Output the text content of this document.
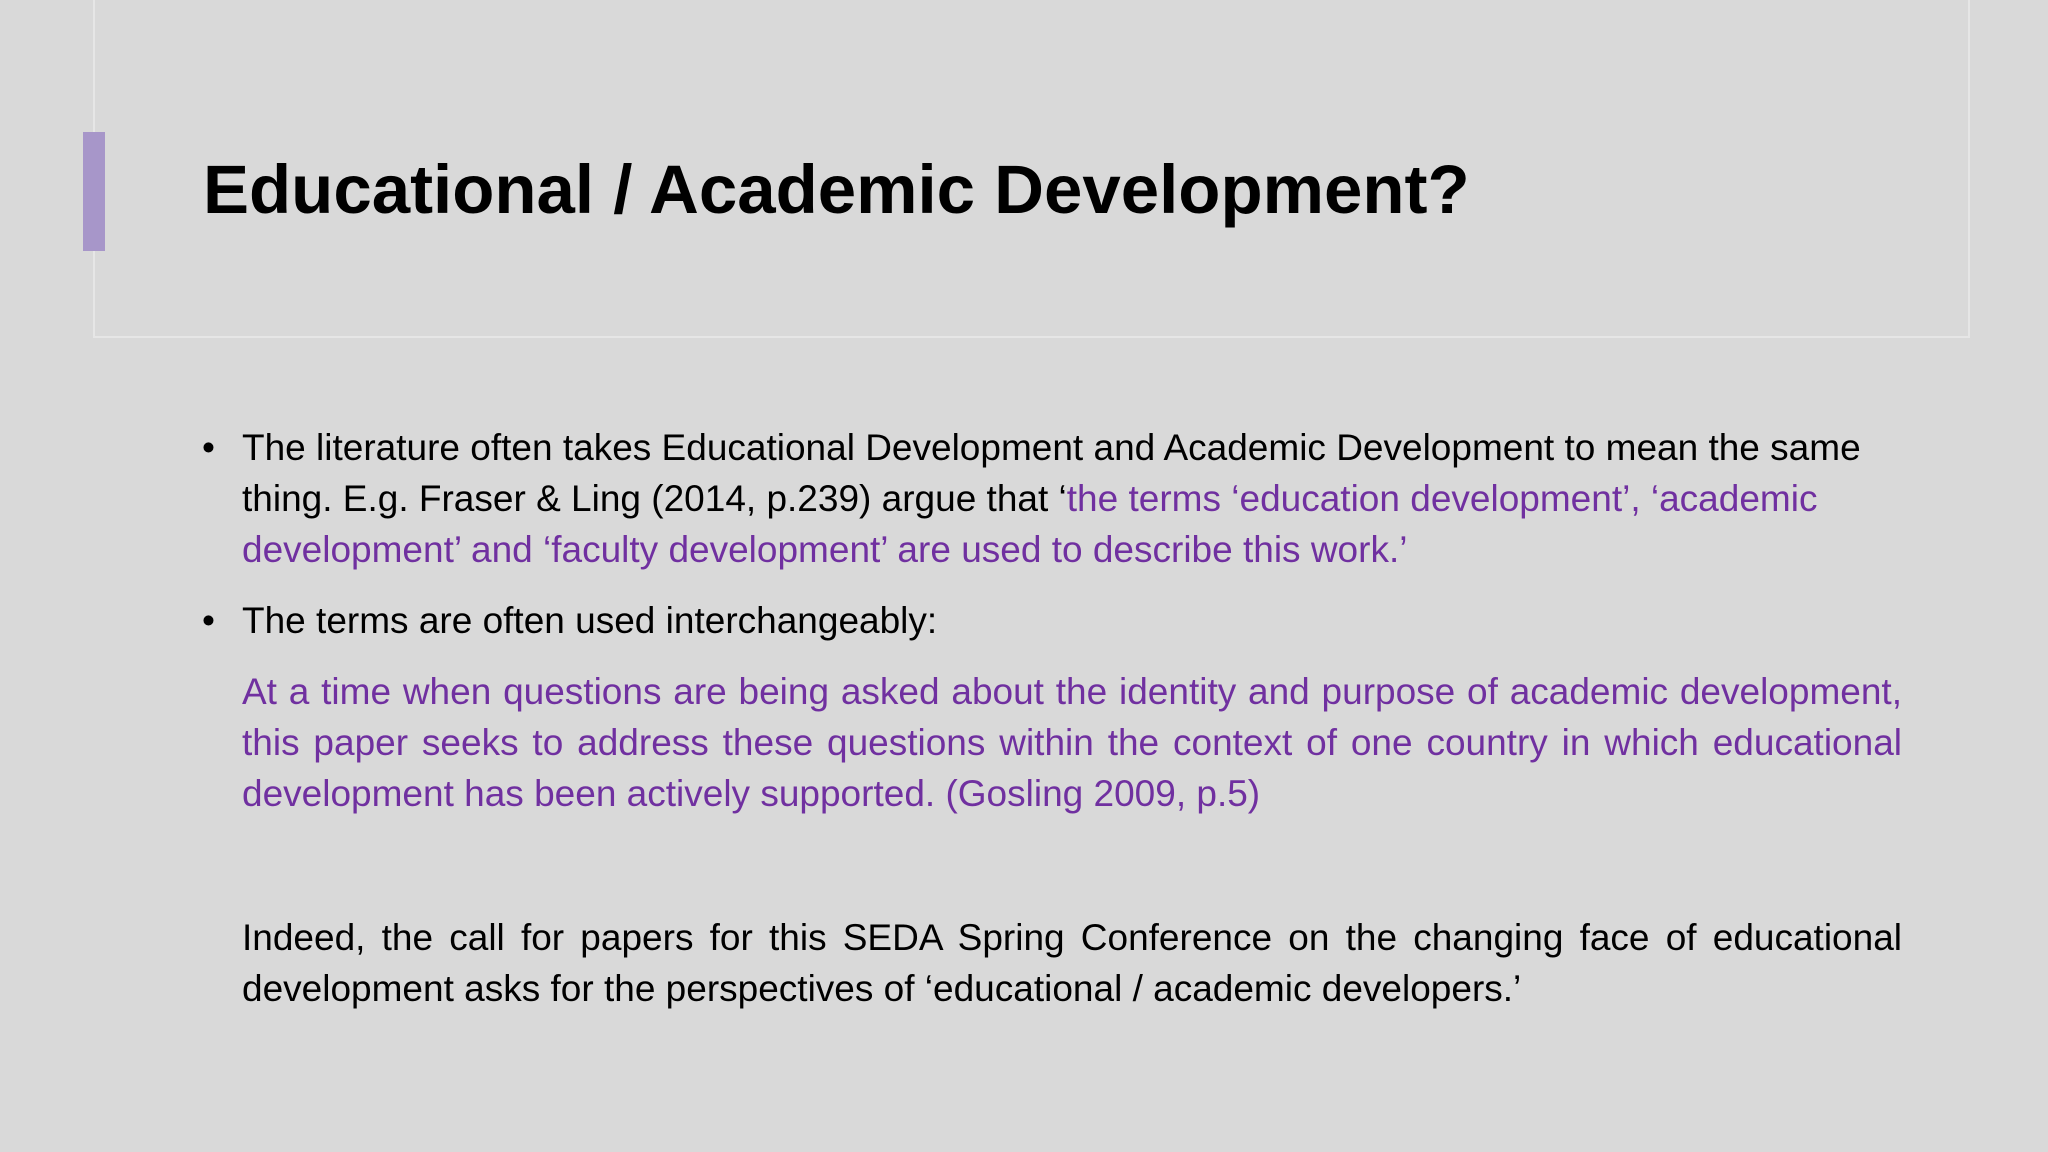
Educational / Academic Development?

• The literature often takes Educational Development and Academic Development to mean the same thing. E.g. Fraser & Ling (2014, p.239) argue that ‘the terms ‘education development’, ‘academic development’ and ‘faculty development’ are used to describe this work.’

• The terms are often used interchangeably:

At a time when questions are being asked about the identity and purpose of academic development, this paper seeks to address these questions within the context of one country in which educational development has been actively supported. (Gosling 2009, p.5)

Indeed, the call for papers for this SEDA Spring Conference on the changing face of educational development asks for the perspectives of ‘educational / academic developers.’
